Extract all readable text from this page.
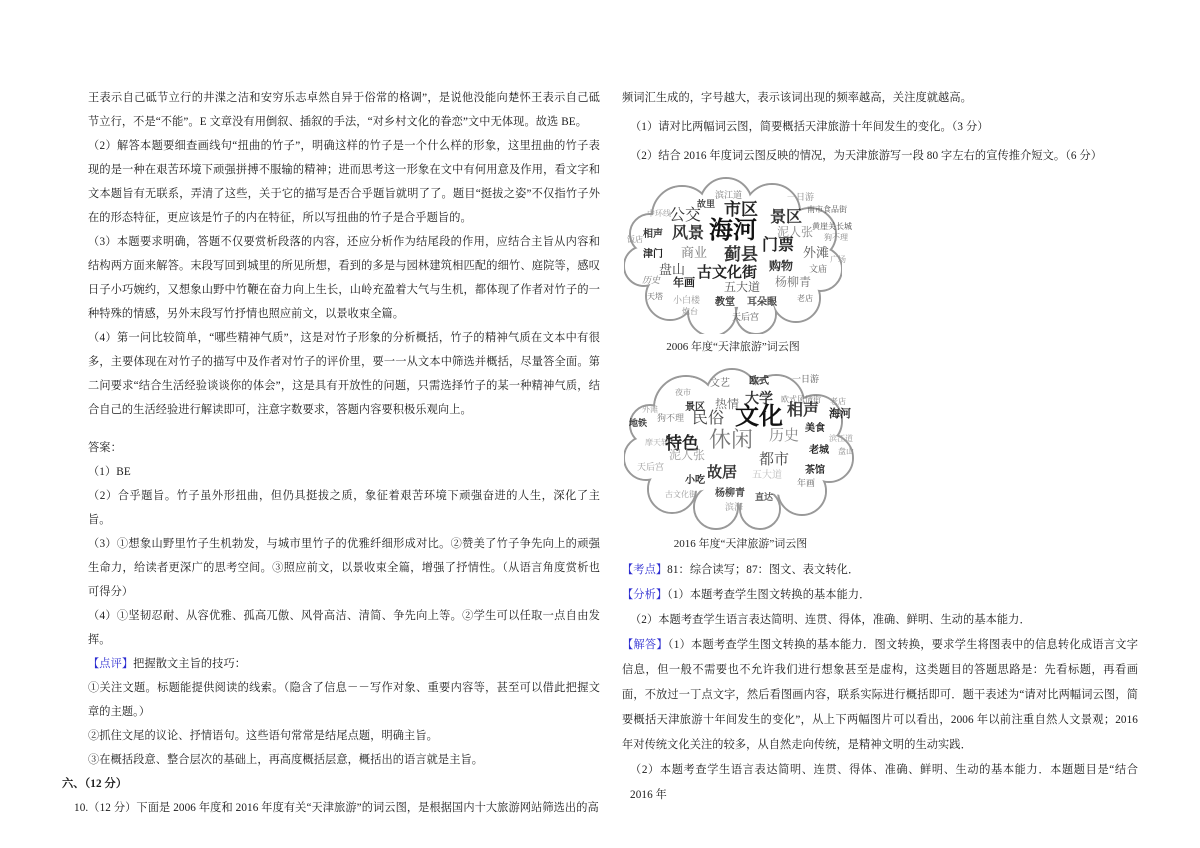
王表示自己砥节立行的井渫之洁和安穷乐志卓然自异于俗常的格调”，是说他没能向楚怀王表示自己砥节立行，不是“不能”。E 文章没有用倒叙、插叙的手法，“对乡村文化的眷恋”文中无体现。故选 BE。

（2）解答本题要细查画线句“扭曲的竹子”，明确这样的竹子是一个什么样的形象，这里扭曲的竹子表现的是一种在艰苦环境下顽强拼搏不服输的精神；进而思考这一形象在文中有何用意及作用，看文字和文本题旨有无联系，弄清了这些，关于它的描写是否合乎题旨就明了了。题目“挺拔之姿”不仅指竹子外在的形态特征，更应该是竹子的内在特征，所以写扭曲的竹子是合乎题旨的。

（3）本题要求明确，答题不仅要赏析段落的内容，还应分析作为结尾段的作用，应结合主旨从内容和结构两方面来解答。末段写回到城里的所见所想，看到的多是与园林建筑相匹配的细竹、庭院等，感叹日子小巧婉约，又想象山野中竹鞭在奋力向上生长，山岭充盈着大气与生机，都体现了作者对竹子的一种特殊的情感，另外末段写竹抒情也照应前文，以景收束全篇。

（4）第一问比较简单，“哪些精神气质”，这是对竹子形象的分析概括，竹子的精神气质在文本中有很多，主要体现在对竹子的描写中及作者对竹子的评价里，要一一从文本中筛选并概括，尽量答全面。第二问要求“结合生活经验谈谈你的体会”，这是具有开放性的问题，只需选择竹子的某一种精神气质，结合自己的生活经验进行解读即可，注意字数要求，答题内容要积极乐观向上。

答案：

（1）BE

（2）合乎题旨。竹子虽外形扭曲，但仍具挺拔之质，象征着艰苦环境下顽强奋进的人生，深化了主旨。

（3）①想象山野里竹子生机勃发，与城市里竹子的优雅纤细形成对比。②赞美了竹子争先向上的顽强生命力，给读者更深广的思考空间。③照应前文，以景收束全篇，增强了抒情性。（从语言角度赏析也可得分）

（4）①坚韧忍耐、从容优雅、孤高兀傲、风骨高洁、清简、争先向上等。②学生可以任取一点自由发挥。

【点评】把握散文主旨的技巧：

①关注文题。标题能提供阅读的线索。（隐含了信息－－写作对象、重要内容等，甚至可以借此把握文章的主题。）

②抓住文尾的议论、抒情语句。这些语句常常是结尾点题，明确主旨。

③在概括段意、整合层次的基础上，再高度概括层意，概括出的语言就是主旨。

六、（12 分）

10.（12 分）下面是 2006 年度和 2016 年度有关“天津旅游”的词云图，是根据国内十大旅游网站筛选出的高

频词汇生成的，字号越大，表示该词出现的频率越高，关注度就越高。

（1）请对比两幅词云图，简要概括天津旅游十年间发生的变化。（3 分）

（2）结合 2016 年度词云图反映的情况，为天津旅游写一段 80 字左右的宣传推介短文。（6 分）

滨江道
故里
一日游
中环线
公交 市区 景区 南市食品街
相声 风景 海河 泥人张
黄崖关长城
饭店
津门 商业 蓟县 门票 外滩
狗不理
盘山 古文化街 购物 文庙
广场
历史 年画 五大道 杨柳青
天塔 小白楼 教堂 耳朵眼	老店
炮台
天后宫
2006 年度“天津旅游”词云图
文艺 欧式	一日游
夜市
景区 热情 大学 欧式风情街 老店
外滩
狗不理 民俗 文化 相声 海河
地铁	美食
特色 休闲 历史	滨江道
摩天轮
盘山
泥人张	都市
老城
天后宫	故居	茶馆
五大道
年画
小吃
古文化街 杨柳青 直达
滨海
2016 年度“天津旅游”词云图

【考点】81：综合读写；87：图文、表文转化．

【分析】（1）本题考查学生图文转换的基本能力．

（2）本题考查学生语言表达简明、连贯、得体，准确、鲜明、生动的基本能力．

【解答】（1）本题考查学生图文转换的基本能力．图文转换，要求学生将图表中的信息转化成语言文字信息，但一般不需要也不允许我们进行想象甚至是虚构，这类题目的答题思路是：先看标题，再看画面，不放过一丁点文字，然后看图画内容，联系实际进行概括即可．题干表述为“请对比两幅词云图，简要概括天津旅游十年间发生的变化”，从上下两幅图片可以看出，2006 年以前注重自然人文景观；2016 年对传统文化关注的较多，从自然走向传统，是精神文明的生动实践．

（2）本题考查学生语言表达简明、连贯、得体、准确、鲜明、生动的基本能力．本题题目是“结合 2016 年
